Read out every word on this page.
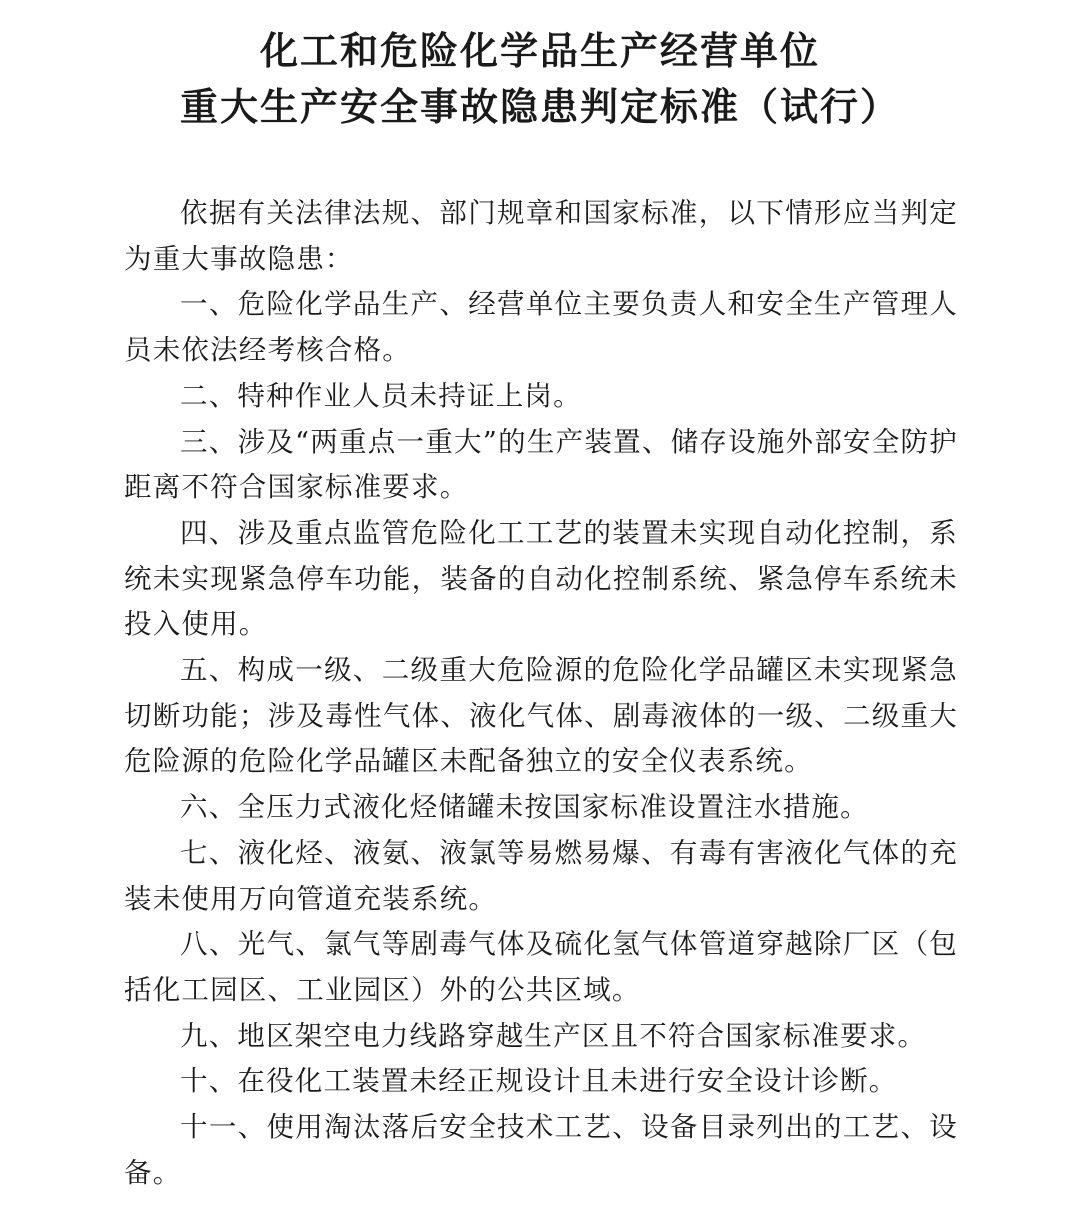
化工和危险化学品生产经营单位
重大生产安全事故隐患判定标准（试行）

依据有关法律法规、部门规章和国家标准，以下情形应当判定为重大事故隐患：

一、危险化学品生产、经营单位主要负责人和安全生产管理人员未依法经考核合格。

二、特种作业人员未持证上岗。

三、涉及“两重点一重大”的生产装置、储存设施外部安全防护距离不符合国家标准要求。

四、涉及重点监管危险化工工艺的装置未实现自动化控制，系统未实现紧急停车功能，装备的自动化控制系统、紧急停车系统未投入使用。

五、构成一级、二级重大危险源的危险化学品罐区未实现紧急切断功能；涉及毒性气体、液化气体、剧毒液体的一级、二级重大危险源的危险化学品罐区未配备独立的安全仪表系统。

六、全压力式液化烃储罐未按国家标准设置注水措施。

七、液化烃、液氨、液氯等易燃易爆、有毒有害液化气体的充装未使用万向管道充装系统。

八、光气、氯气等剧毒气体及硫化氢气体管道穿越除厂区（包括化工园区、工业园区）外的公共区域。

九、地区架空电力线路穿越生产区且不符合国家标准要求。

十、在役化工装置未经正规设计且未进行安全设计诊断。

十一、使用淘汰落后安全技术工艺、设备目录列出的工艺、设备。
